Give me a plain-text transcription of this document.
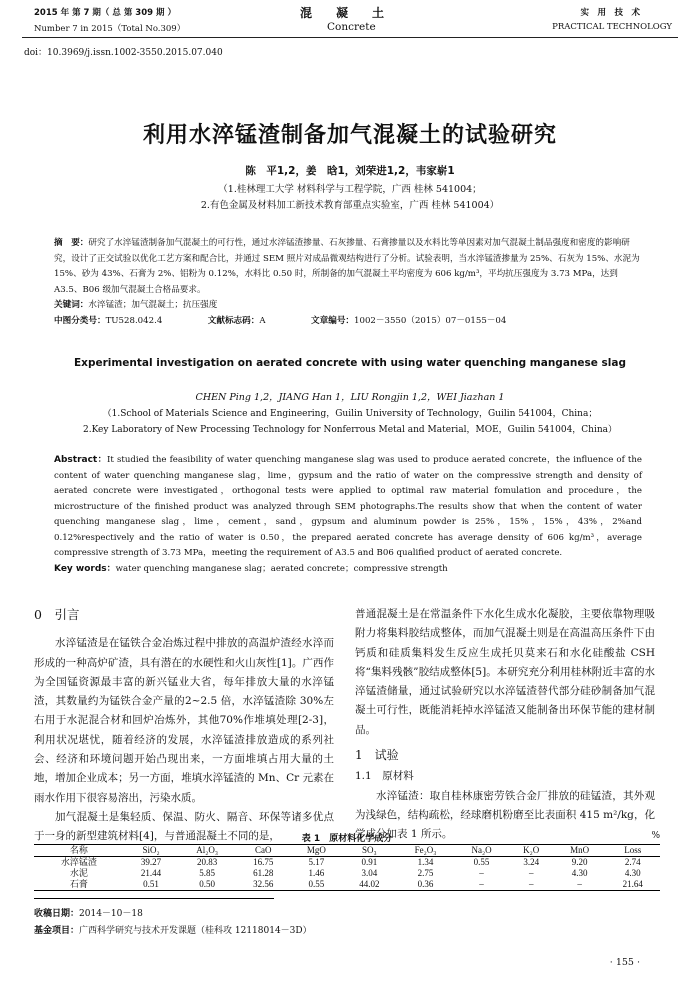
2015 年 第 7 期（ 总 第 309 期 ）
Number 7 in 2015（Total No.309）
混　　凝　　土
Concrete
实　用　技　术
PRACTICAL TECHNOLOGY
doi：10.3969/j.issn.1002-3550.2015.07.040
利用水淬锰渣制备加气混凝土的试验研究
陈　平1,2，姜　晗1，刘荣进1,2，韦家崭1
（1.桂林理工大学 材料科学与工程学院，广西 桂林 541004；
2.有色金属及材料加工新技术教育部重点实验室，广西 桂林 541004）
摘　要：研究了水淬锰渣制备加气混凝土的可行性，通过水淬锰渣掺量、石灰掺量、石膏掺量以及水料比等单因素对加气混凝土制品强度和密度的影响研究，设计了正交试验以优化工艺方案和配合比，并通过 SEM 照片对成品微观结构进行了分析。试验表明，当水淬锰渣掺量为 25%、石灰为 15%、水泥为 15%、砂为 43%、石膏为 2%、铝粉为 0.12%，水料比 0.50 时，所制备的加气混凝土平均密度为 606 kg/m³，平均抗压强度为 3.73 MPa，达到 A3.5、B06 级加气混凝土合格品要求。
关键词：水淬锰渣；加气混凝土；抗压强度
中图分类号：TU528.042.4	文献标志码：A	文章编号：1002－3550（2015）07－0155－04
Experimental investigation on aerated concrete with using water quenching manganese slag
CHEN Ping 1,2，JIANG Han 1，LIU Rongjin 1,2，WEI Jiazhan 1
（1.School of Materials Science and Engineering，Guilin University of Technology，Guilin 541004，China；
2.Key Laboratory of New Processing Technology for Nonferrous Metal and Material，MOE，Guilin 541004，China）
Abstract：It studied the feasibility of water quenching manganese slag was used to produce aerated concrete，the influence of the content of water quenching manganese slag，lime，gypsum and the ratio of water on the compressive strength and density of aerated concrete were investigated，orthogonal tests were applied to optimal raw material fomulation and procedure，the microstructure of the finished product was analyzed through SEM photographs.The results show that when the content of water quenching manganese slag，lime，cement，sand，gypsum and aluminum powder is 25%，15%，15%，43%，2%and 0.12%respectively and the ratio of water is 0.50，the prepared aerated concrete has average density of 606 kg/m³，average compressive strength of 3.73 MPa，meeting the requirement of A3.5 and B06 qualified product of aerated concrete.
Key words：water quenching manganese slag；aerated concrete；compressive strength
0　引言

水淬锰渣是在锰铁合金冶炼过程中排放的高温炉渣经水淬而形成的一种高炉矿渣，具有潜在的水硬性和火山灰性[1]。广西作为全国锰资源最丰富的新兴锰业大省，每年排放大量的水淬锰渣，其数量约为锰铁合金产量的2~2.5 倍，水淬锰渣除 30%左右用于水泥混合材和回炉冶炼外，其他70%作堆填处理[2-3]，利用状况堪忧，随着经济的发展，水淬锰渣排放造成的系列社会、经济和环境问题开始凸现出来，一方面堆填占用大量的土地，增加企业成本；另一方面，堆填水淬锰渣的 Mn、Cr 元素在雨水作用下很容易溶出，污染水质。

加气混凝土是集轻质、保温、防火、隔音、环保等诸多优点于一身的新型建筑材料[4]，与普通混凝土不同的是，

普通混凝土是在常温条件下水化生成水化凝胶，主要依靠物理吸附力将集料胶结成整体，而加气混凝土则是在高温高压条件下由钙质和硅质集料发生反应生成托贝莫来石和水化硅酸盐 CSH 将“集料残骸”胶结成整体[5]。本研究充分利用桂林附近丰富的水淬锰渣储量，通过试验研究以水淬锰渣替代部分硅砂制备加气混凝土可行性，既能消耗掉水淬锰渣又能制备出环保节能的建材制品。

1　试验
1.1　原材料

水淬锰渣：取自桂林康密劳铁合金厂排放的硅锰渣，其外观为浅绿色，结构疏松，经球磨机粉磨至比表面积 415 m²/kg，化学成分如表 1 所示。

表 1　原材料化学成分	%
名称	SiO₂	Al₂O₃	CaO	MgO	SO₃	Fe₂O₃	Na₂O	K₂O	MnO	Loss
水淬锰渣	39.27	20.83	16.75	5.17	0.91	1.34	0.55	3.24	9.20	2.74
水泥	21.44	5.85	61.28	1.46	3.04	2.75	–	–	4.30	4.30
石膏	0.51	0.50	32.56	0.55	44.02	0.36	–	–	–	21.64
收稿日期：2014－10－18
基金项目：广西科学研究与技术开发课题（桂科攻 12118014－3D）
· 155 ·
